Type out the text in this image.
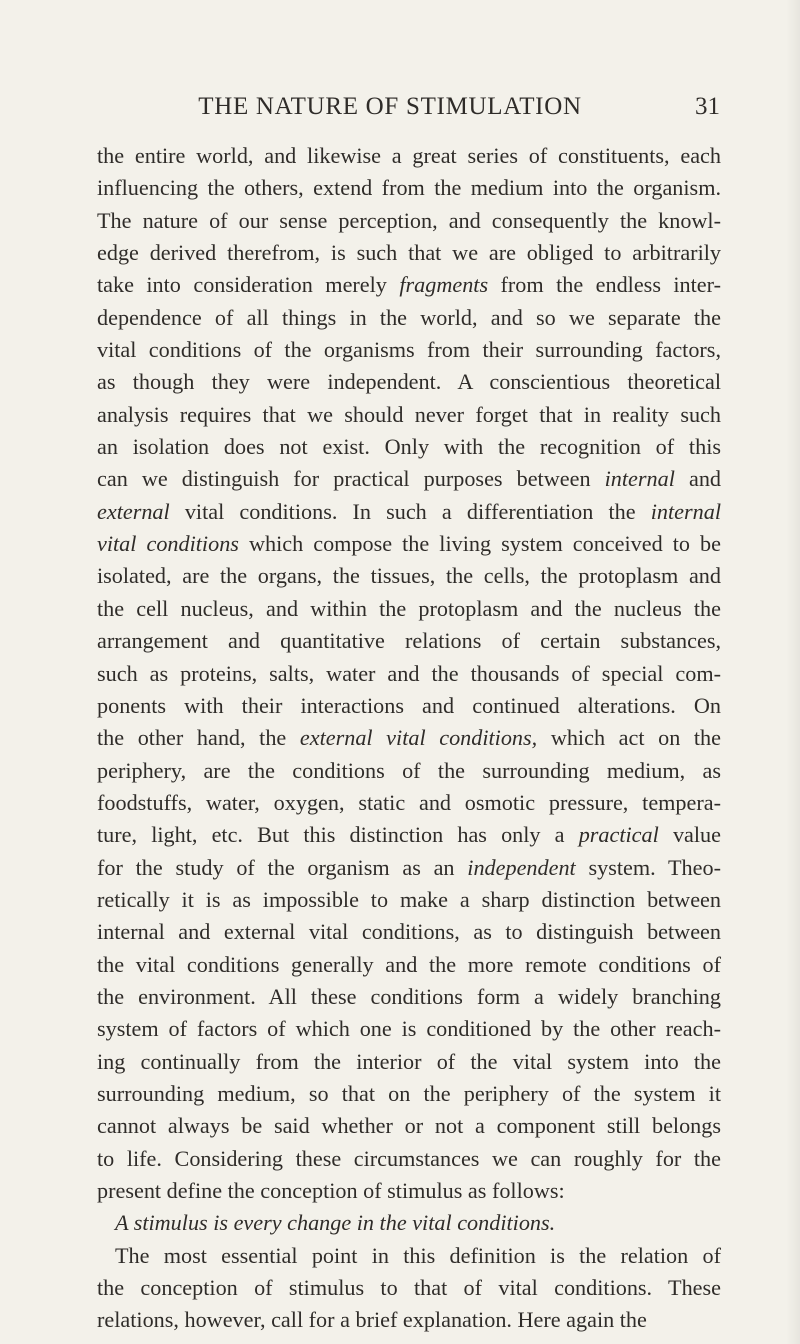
THE NATURE OF STIMULATION	31
the entire world, and likewise a great series of constituents, each
influencing the others, extend from the medium into the organism.
The nature of our sense perception, and consequently the knowl-
edge derived therefrom, is such that we are obliged to arbitrarily
take into consideration merely fragments from the endless inter-
dependence of all things in the world, and so we separate the
vital conditions of the organisms from their surrounding factors,
as though they were independent. A conscientious theoretical
analysis requires that we should never forget that in reality such
an isolation does not exist. Only with the recognition of this
can we distinguish for practical purposes between internal and
external vital conditions. In such a differentiation the internal
vital conditions which compose the living system conceived to be
isolated, are the organs, the tissues, the cells, the protoplasm and
the cell nucleus, and within the protoplasm and the nucleus the
arrangement and quantitative relations of certain substances,
such as proteins, salts, water and the thousands of special com-
ponents with their interactions and continued alterations. On
the other hand, the external vital conditions, which act on the
periphery, are the conditions of the surrounding medium, as
foodstuffs, water, oxygen, static and osmotic pressure, tempera-
ture, light, etc. But this distinction has only a practical value
for the study of the organism as an independent system. Theo-
retically it is as impossible to make a sharp distinction between
internal and external vital conditions, as to distinguish between
the vital conditions generally and the more remote conditions of
the environment. All these conditions form a widely branching
system of factors of which one is conditioned by the other reach-
ing continually from the interior of the vital system into the
surrounding medium, so that on the periphery of the system it
cannot always be said whether or not a component still belongs
to life. Considering these circumstances we can roughly for the
present define the conception of stimulus as follows:
A stimulus is every change in the vital conditions.
The most essential point in this definition is the relation of
the conception of stimulus to that of vital conditions. These
relations, however, call for a brief explanation. Here again the
